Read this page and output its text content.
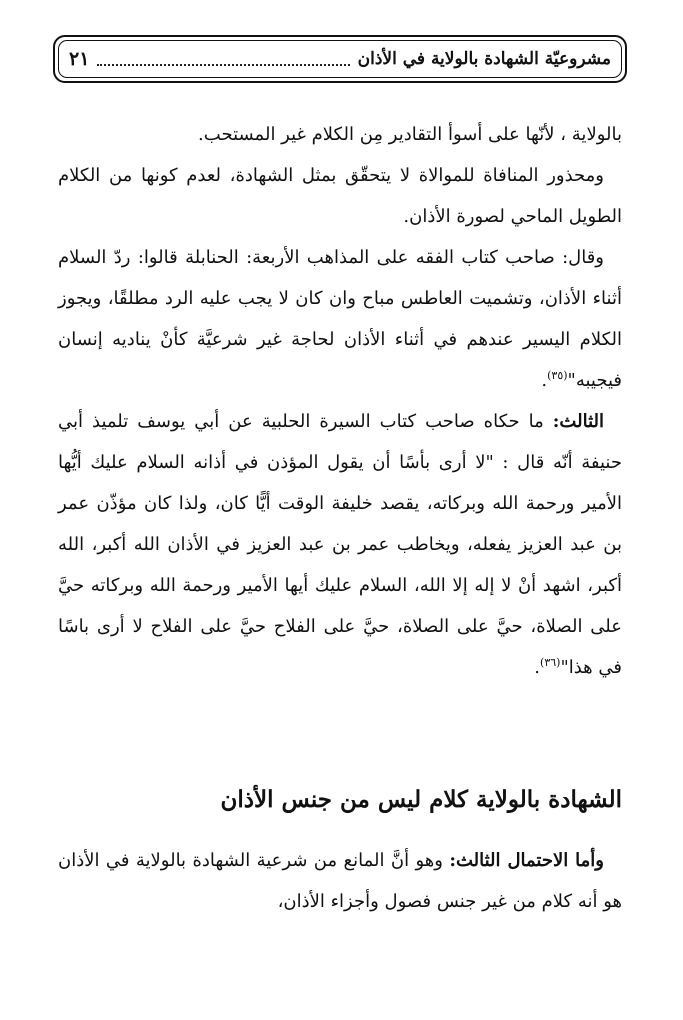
مشروعيّة الشهادة بالولاية في الأذان
٢١

بالولاية ، لأنّها على أسوأ التقادير مِن الكلام غير المستحب.

ومحذور المنافاة للموالاة لا يتحقّق بمثل الشهادة، لعدم كونها من الكلام الطويل الماحي لصورة الأذان.

وقال: صاحب كتاب الفقه على المذاهب الأربعة: الحنابلة قالوا: ردّ السلام أثناء الأذان، وتشميت العاطس مباح وان كان لا يجب عليه الرد مطلقًا، ويجوز الكلام اليسير عندهم في أثناء الأذان لحاجة غير شرعيَّة كأنْ يناديه إنسان فيجيبه"$^{(٣٥)}$.

الثالث: ما حكاه صاحب كتاب السيرة الحلبية عن أبي يوسف تلميذ أبي حنيفة أنّه قال : "لا أرى بأسًا أن يقول المؤذن في أذانه السلام عليك أيُّها الأمير ورحمة الله وبركاته، يقصد خليفة الوقت أيًّا كان، ولذا كان مؤذّن عمر بن عبد العزيز يفعله، ويخاطب عمر بن عبد العزيز في الأذان الله أكبر، الله أكبر، اشهد أنْ لا إله إلا الله، السلام عليك أيها الأمير ورحمة الله وبركاته حيَّ على الصلاة، حيَّ على الصلاة، حيَّ على الفلاح حيَّ على الفلاح لا أرى باسًا في هذا"$^{(٣٦)}$.

الشهادة بالولاية كلام ليس من جنس الأذان

وأما الاحتمال الثالث: وهو أنَّ المانع من شرعية الشهادة بالولاية في الأذان هو أنه كلام من غير جنس فصول وأجزاء الأذان،
